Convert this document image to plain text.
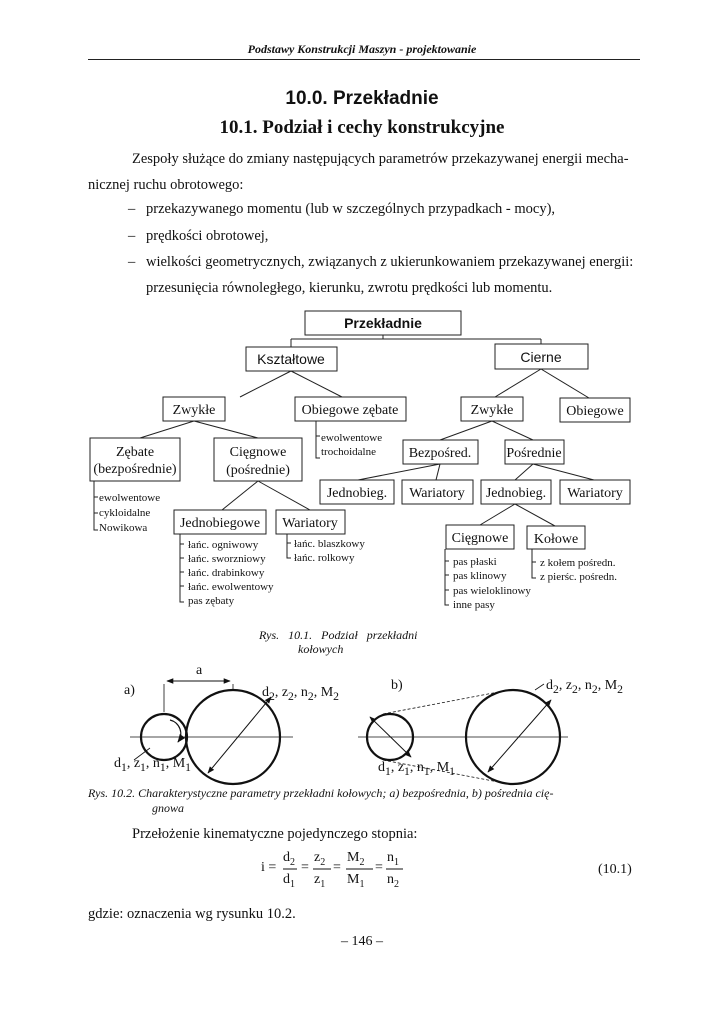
Podstawy Konstrukcji Maszyn - projektowanie
10.0. Przekładnie
10.1. Podział i cechy konstrukcyjne
Zespoły służące do zmiany następujących parametrów przekazywanej energii mecha-
nicznej ruchu obrotowego:
– przekazywanego momentu (lub w szczególnych przypadkach - mocy),
– prędkości obrotowej,
– wielkości geometrycznych, związanych z ukierunkowaniem przekazywanej energii:
przesunięcia równoległego, kierunku, zwrotu prędkości lub momentu.
Przekładnie
Kształtowe	Cierne
Zwykłe	Obiegowe zębate	Zwykłe	Obiegowe
ewolwentowe
trochoidalne
Zębate
(bezpośrednie)
Cięgnowe
(pośrednie)
Bezpośred.	Pośrednie
Jednobieg. Wariatory Jednobieg. Wariatory
ewolwentowe
cykloidalne
Nowikowa Jednobiegowe Wariatory
Cięgnowe Kołowe
łańc. ogniwowy
łańc. sworzniowy
łańc. drabinkowy
łańc. ewolwentowy
pas zębaty
łańc. blaszkowy
łańc. rolkowy	pas płaski
pas klinowy
pas wieloklinowy
inne pasy
z kołem pośredn.
z pierśc. pośredn.
Rys.   10.1.   Podział   przekładni
kołowych
a)	b)
a
$d_2$, $z_2$, $n_2$, $M_2$
$d_1$, $z_1$, $n_1$, $M_1$
$d_2$, $z_2$, $n_2$, $M_2$
$d_1$, $z_1$, $n_1$, $M_1$
Rys. 10.2. Charakterystyczne parametry przekładni kołowych; a) bezpośrednia, b) pośrednia cię-
gnowa
Przełożenie kinematyczne pojedynczego stopnia:
i =
$d_2$
$d_1$
=
$z_2$
$z_1$
=
$M_2$
$M_1$
=
$n_1$
$n_2$
(10.1)
gdzie: oznaczenia wg rysunku 10.2.
– 146 –
